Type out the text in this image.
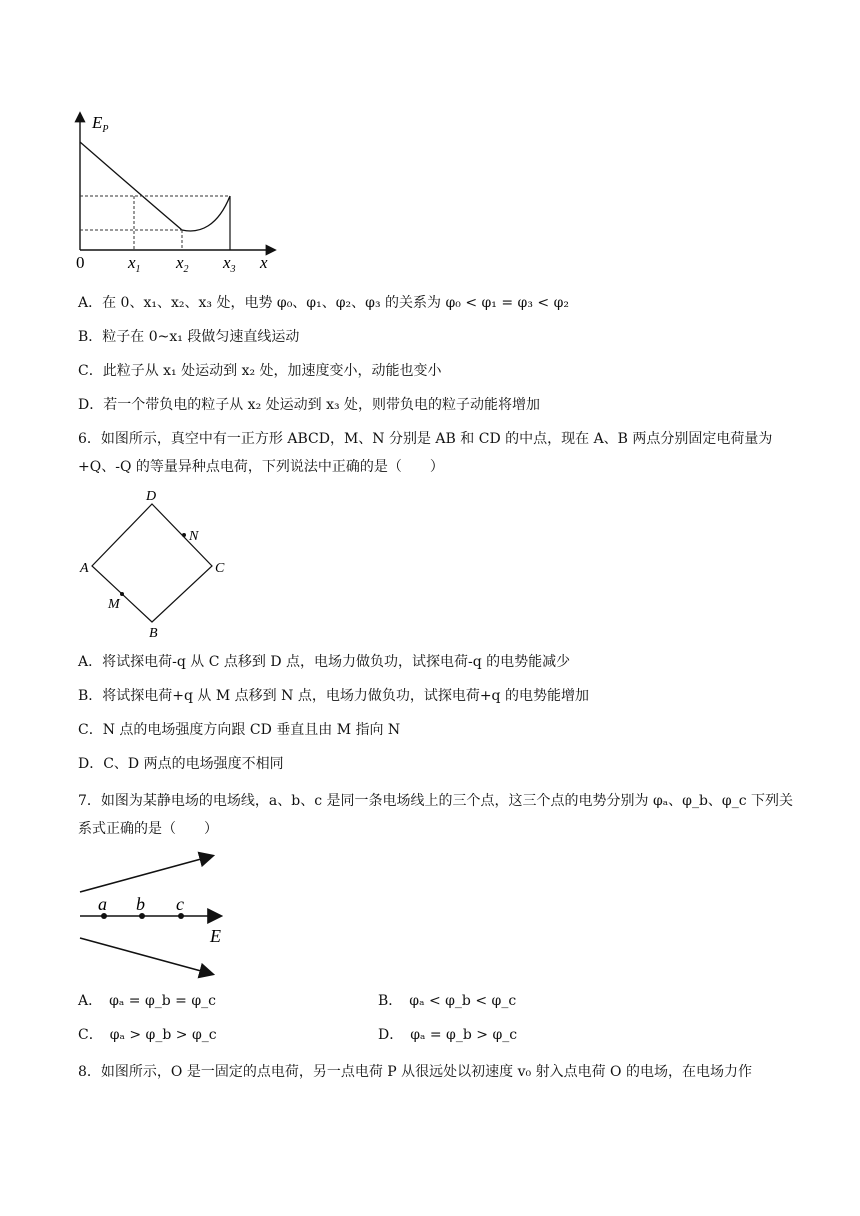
$E_P$
0	$x_1$ $x_2$ $x_3$ x
A．在 0、x₁、x₂、x₃ 处，电势 φ₀、φ₁、φ₂、φ₃ 的关系为 φ₀ < φ₁ = φ₃ < φ₂
B．粒子在 0~x₁ 段做匀速直线运动
C．此粒子从 x₁ 处运动到 x₂ 处，加速度变小，动能也变小
D．若一个带负电的粒子从 x₂ 处运动到 x₃ 处，则带负电的粒子动能将增加
6．如图所示，真空中有一正方形 ABCD，M、N 分别是 AB 和 CD 的中点，现在 A、B 两点分别固定电荷量为+Q、-Q 的等量异种点电荷，下列说法中正确的是（　　）
D
N
A	C
M
B
A．将试探电荷-q 从 C 点移到 D 点，电场力做负功，试探电荷-q 的电势能减少
B．将试探电荷+q 从 M 点移到 N 点，电场力做负功，试探电荷+q 的电势能增加
C．N 点的电场强度方向跟 CD 垂直且由 M 指向 N
D．C、D 两点的电场强度不相同
7．如图为某静电场的电场线，a、b、c 是同一条电场线上的三个点，这三个点的电势分别为 φₐ、φ_b、φ_c 下列关系式正确的是（　　）
a b c
E
A．　φₐ = φ_b = φ_c	B．　φₐ < φ_b < φ_c
C．　φₐ > φ_b > φ_c	D．　φₐ = φ_b > φ_c
8．如图所示，O 是一固定的点电荷，另一点电荷 P 从很远处以初速度 v₀ 射入点电荷 O 的电场，在电场力作
